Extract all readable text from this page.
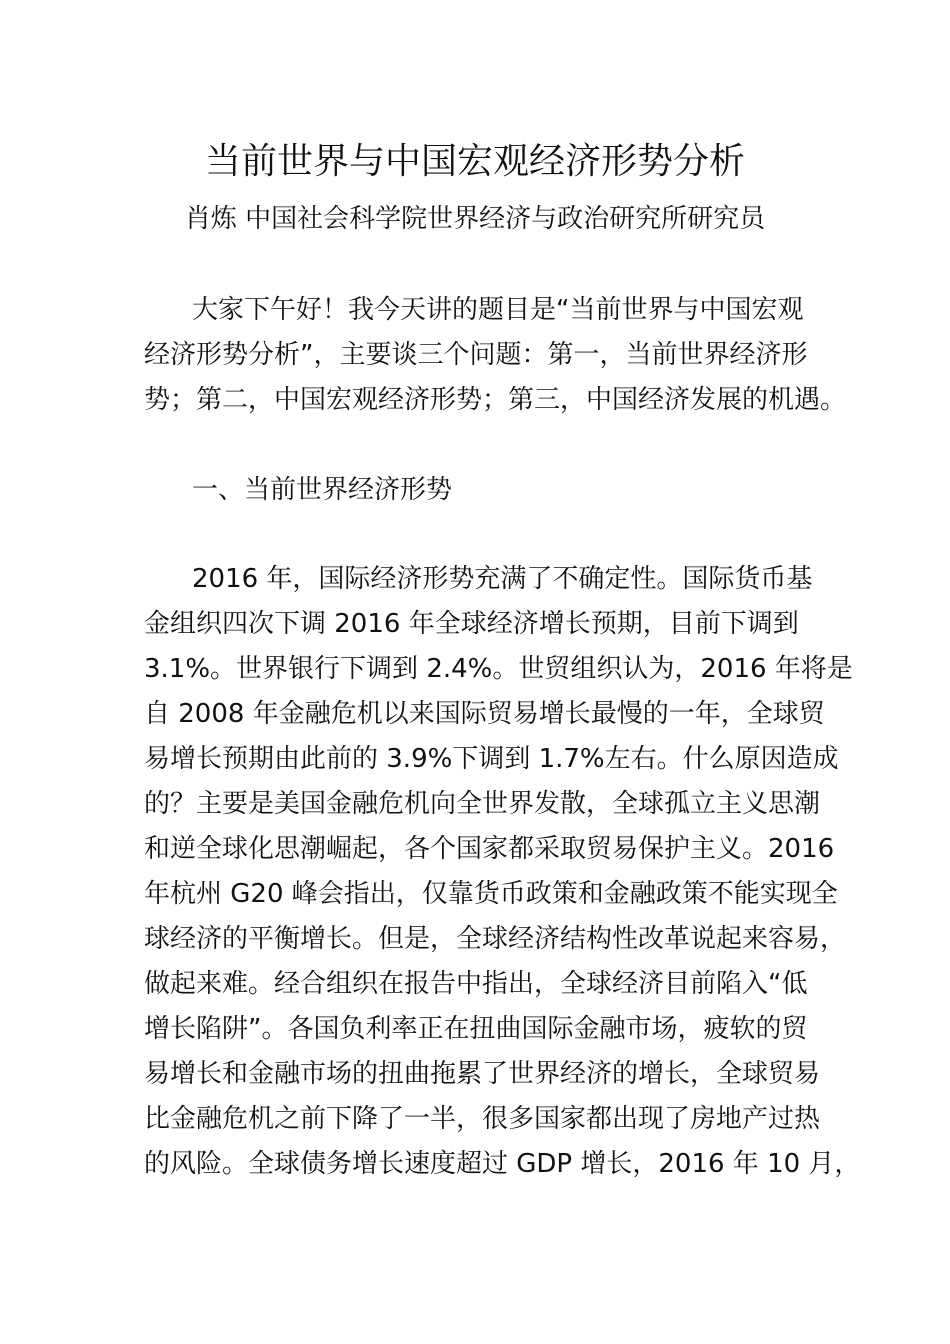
当前世界与中国宏观经济形势分析
肖炼 中国社会科学院世界经济与政治研究所研究员
大家下午好！我今天讲的题目是“当前世界与中国宏观
经济形势分析”，主要谈三个问题：第一，当前世界经济形
势；第二，中国宏观经济形势；第三，中国经济发展的机遇。
一、当前世界经济形势
2016 年，国际经济形势充满了不确定性。国际货币基
金组织四次下调 2016 年全球经济增长预期，目前下调到
3.1%。世界银行下调到 2.4%。世贸组织认为，2016 年将是
自 2008 年金融危机以来国际贸易增长最慢的一年，全球贸
易增长预期由此前的 3.9%下调到 1.7%左右。什么原因造成
的？主要是美国金融危机向全世界发散，全球孤立主义思潮
和逆全球化思潮崛起，各个国家都采取贸易保护主义。2016
年杭州 G20 峰会指出，仅靠货币政策和金融政策不能实现全
球经济的平衡增长。但是，全球经济结构性改革说起来容易，
做起来难。经合组织在报告中指出，全球经济目前陷入“低
增长陷阱”。各国负利率正在扭曲国际金融市场，疲软的贸
易增长和金融市场的扭曲拖累了世界经济的增长，全球贸易
比金融危机之前下降了一半，很多国家都出现了房地产过热
的风险。全球债务增长速度超过 GDP 增长，2016 年 10 月，
